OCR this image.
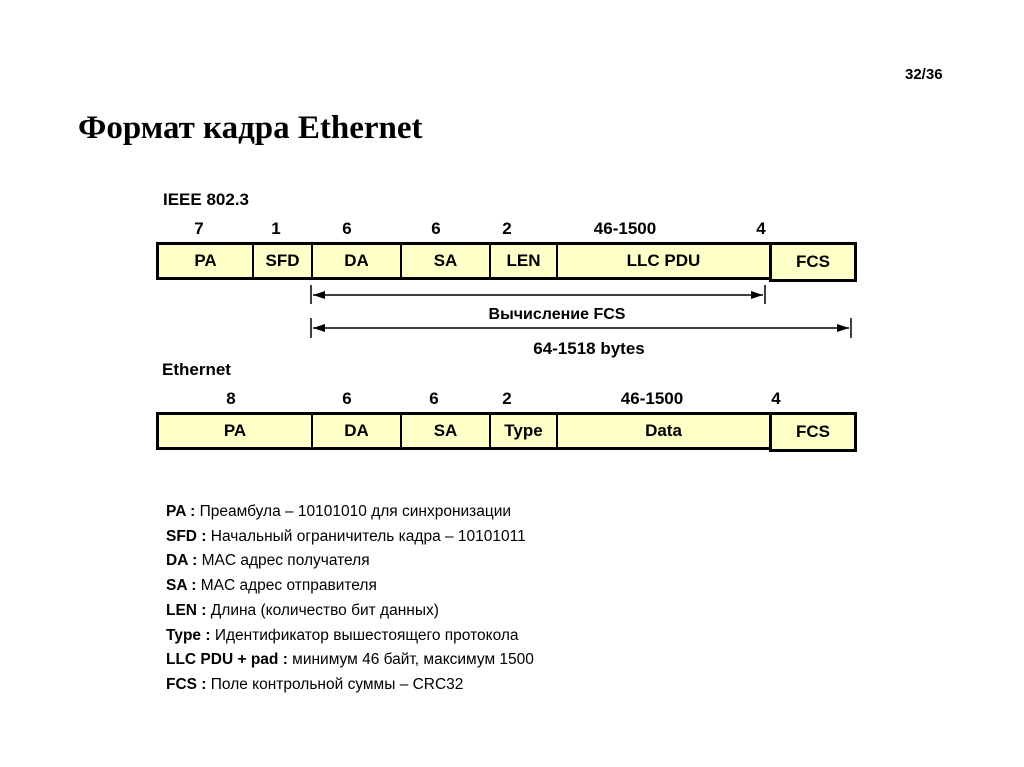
32/36
Формат кадра Ethernet
IEEE 802.3
7	1	6	6	2	46-1500	4
PA	SFD	DA	SA	LEN	LLC PDU	FCS
Вычисление FCS
64-1518 bytes
Ethernet
8	6	6	2	46-1500	4
PA	DA	SA	Type	Data	FCS
PA : Преамбула – 10101010 для синхронизации
SFD : Начальный ограничитель кадра – 10101011
DA : MAC адрес получателя
SA : MAC адрес отправителя
LEN : Длина (количество бит данных)
Type : Идентификатор вышестоящего протокола
LLC PDU + pad : минимум 46 байт, максимум 1500
FCS : Поле контрольной суммы – CRC32
